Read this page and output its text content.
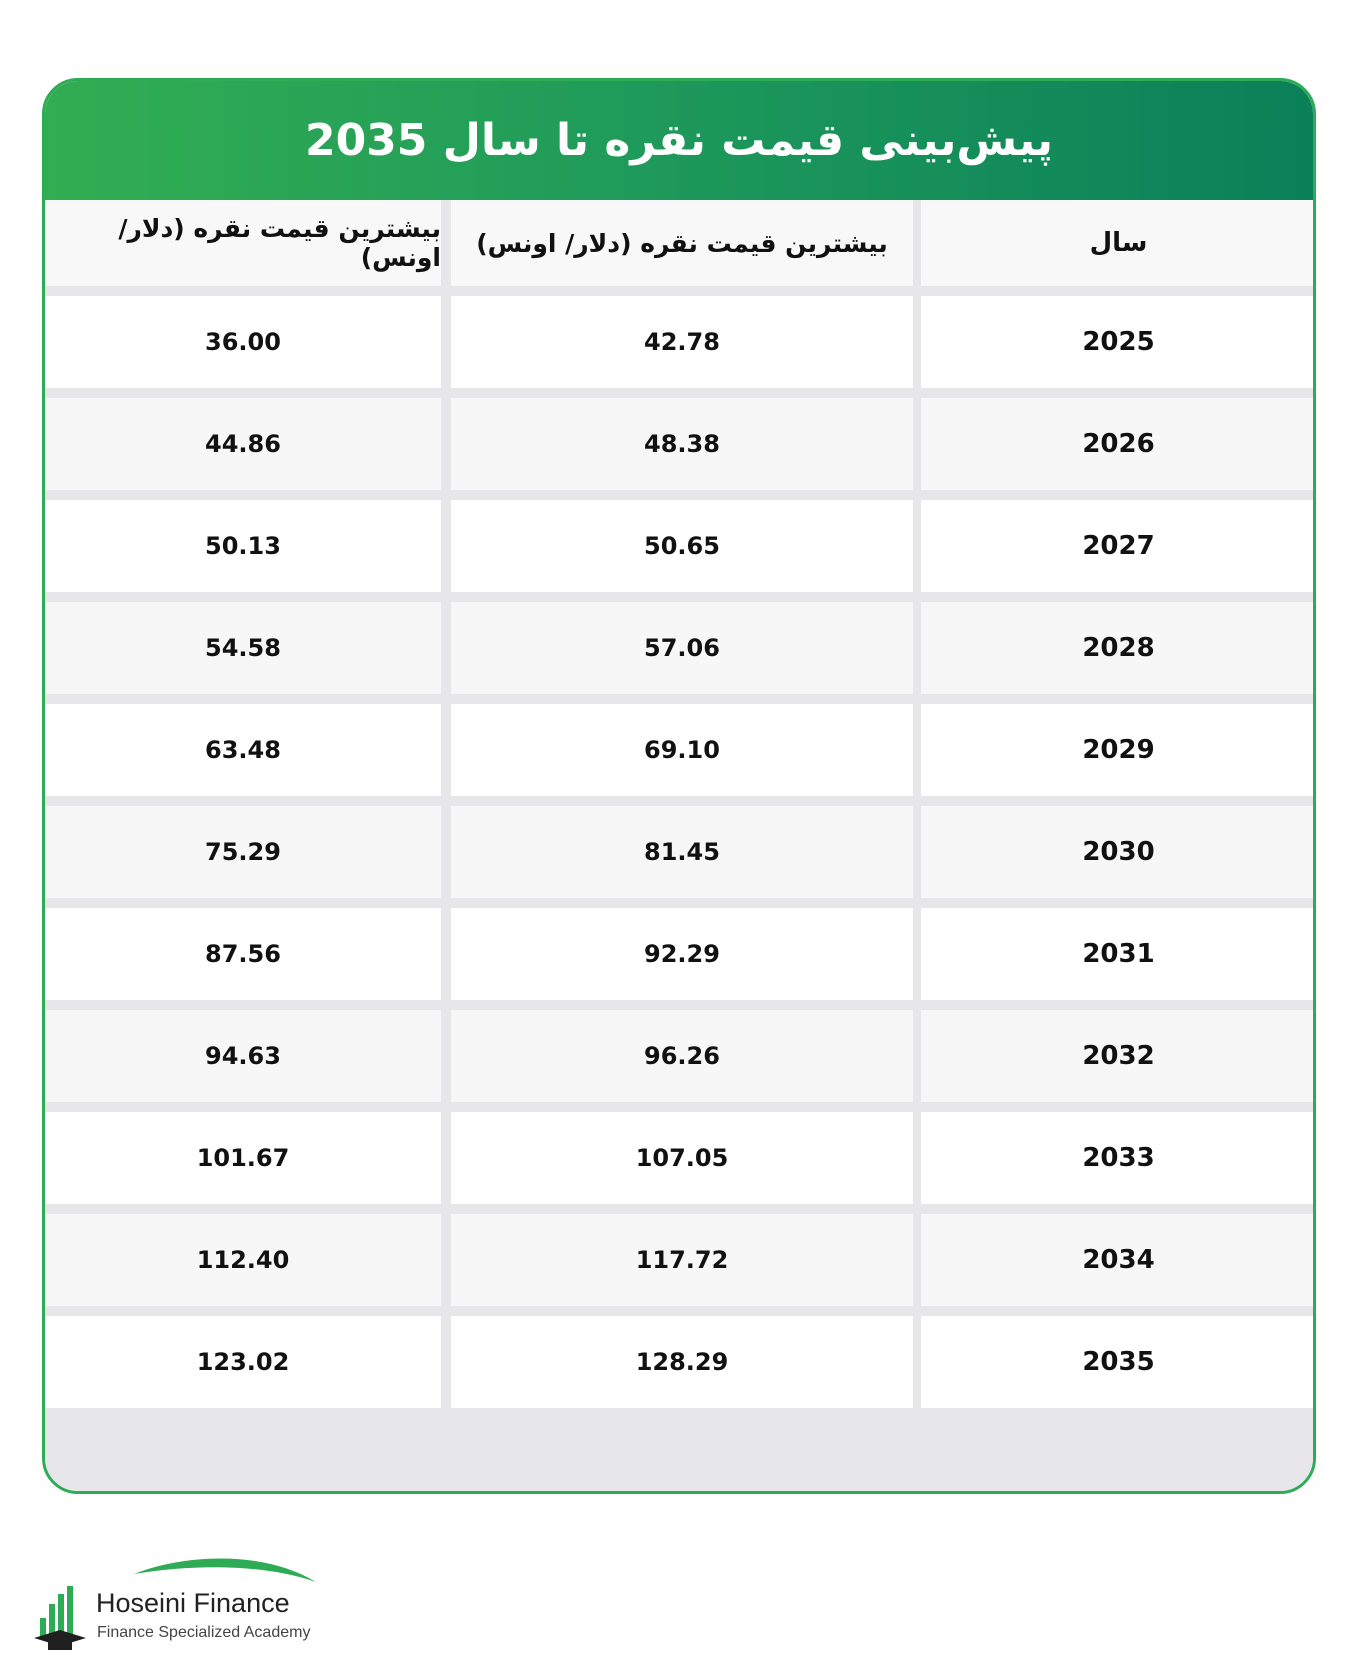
پیش‌بینی قیمت نقره تا سال 2035
سال
2025
2026
2027
2028
2029
2030
2031
2032
2033
2034
2035
بیشترین قیمت نقره (دلار/ اونس)
42.78
48.38
50.65
57.06
69.10
81.45
92.29
96.26
107.05
117.72
128.29
بیشترین قیمت نقره (دلار/ اونس)
36.00
44.86
50.13
54.58
63.48
75.29
87.56
94.63
101.67
112.40
123.02
Hoseini Finance
Finance Specialized Academy
